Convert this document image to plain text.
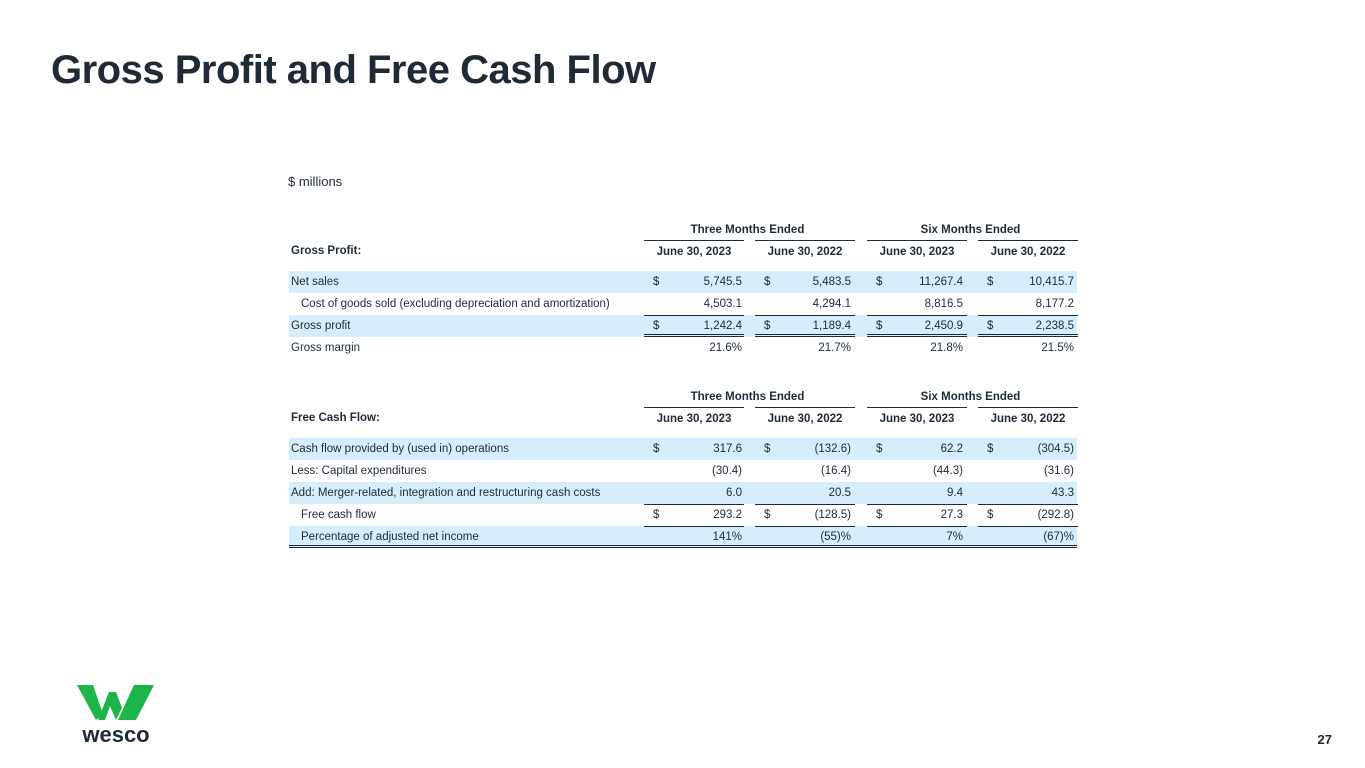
Gross Profit and Free Cash Flow
$ millions
Three Months Ended	Six Months Ended
Gross Profit:	June 30, 2023	June 30, 2022	June 30, 2023	June 30, 2022
Net sales	$	5,745.5 $	5,483.5 $	11,267.4 $	10,415.7
Cost of goods sold (excluding depreciation and amortization)	4,503.1	4,294.1	8,816.5	8,177.2
Gross profit	$	1,242.4 $	1,189.4 $	2,450.9 $	2,238.5
Gross margin	21.6%	21.7%	21.8%	21.5%
Three Months Ended	Six Months Ended
Free Cash Flow:	June 30, 2023	June 30, 2022	June 30, 2023	June 30, 2022
Cash flow provided by (used in) operations	$	317.6 $	(132.6) $	62.2 $	(304.5)
Less: Capital expenditures	(30.4)	(16.4)	(44.3)	(31.6)
Add: Merger-related, integration and restructuring cash costs	6.0	20.5	9.4	43.3
Free cash flow	$	293.2 $	(128.5) $	27.3 $	(292.8)
Percentage of adjusted net income	141%	(55)%	7%	(67)%
wesco	27
